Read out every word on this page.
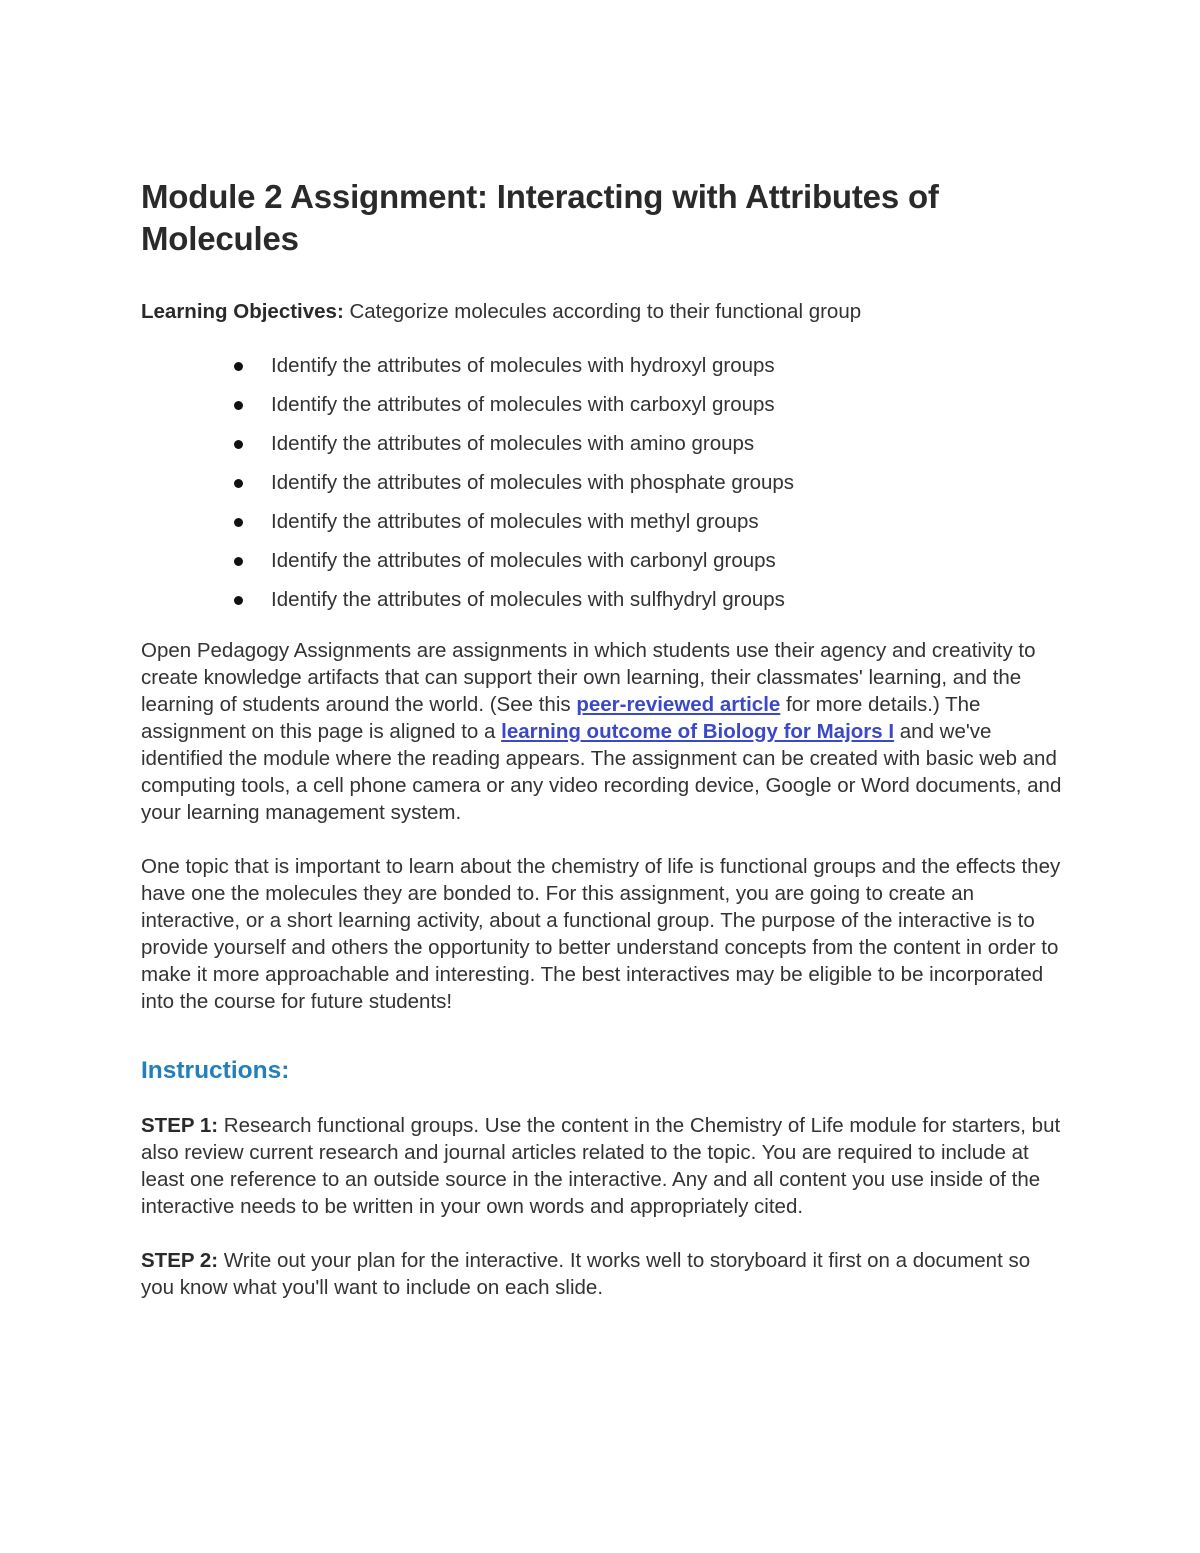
Module 2 Assignment: Interacting with Attributes of Molecules
Learning Objectives: Categorize molecules according to their functional group
Identify the attributes of molecules with hydroxyl groups
Identify the attributes of molecules with carboxyl groups
Identify the attributes of molecules with amino groups
Identify the attributes of molecules with phosphate groups
Identify the attributes of molecules with methyl groups
Identify the attributes of molecules with carbonyl groups
Identify the attributes of molecules with sulfhydryl groups

Open Pedagogy Assignments are assignments in which students use their agency and creativity to create knowledge artifacts that can support their own learning, their classmates' learning, and the learning of students around the world. (See this peer-reviewed article for more details.) The assignment on this page is aligned to a learning outcome of Biology for Majors I and we've identified the module where the reading appears. The assignment can be created with basic web and computing tools, a cell phone camera or any video recording device, Google or Word documents, and your learning management system.

One topic that is important to learn about the chemistry of life is functional groups and the effects they have one the molecules they are bonded to. For this assignment, you are going to create an interactive, or a short learning activity, about a functional group. The purpose of the interactive is to provide yourself and others the opportunity to better understand concepts from the content in order to make it more approachable and interesting. The best interactives may be eligible to be incorporated into the course for future students!

Instructions:

STEP 1: Research functional groups. Use the content in the Chemistry of Life module for starters, but also review current research and journal articles related to the topic. You are required to include at least one reference to an outside source in the interactive. Any and all content you use inside of the interactive needs to be written in your own words and appropriately cited.

STEP 2: Write out your plan for the interactive. It works well to storyboard it first on a document so you know what you'll want to include on each slide.
